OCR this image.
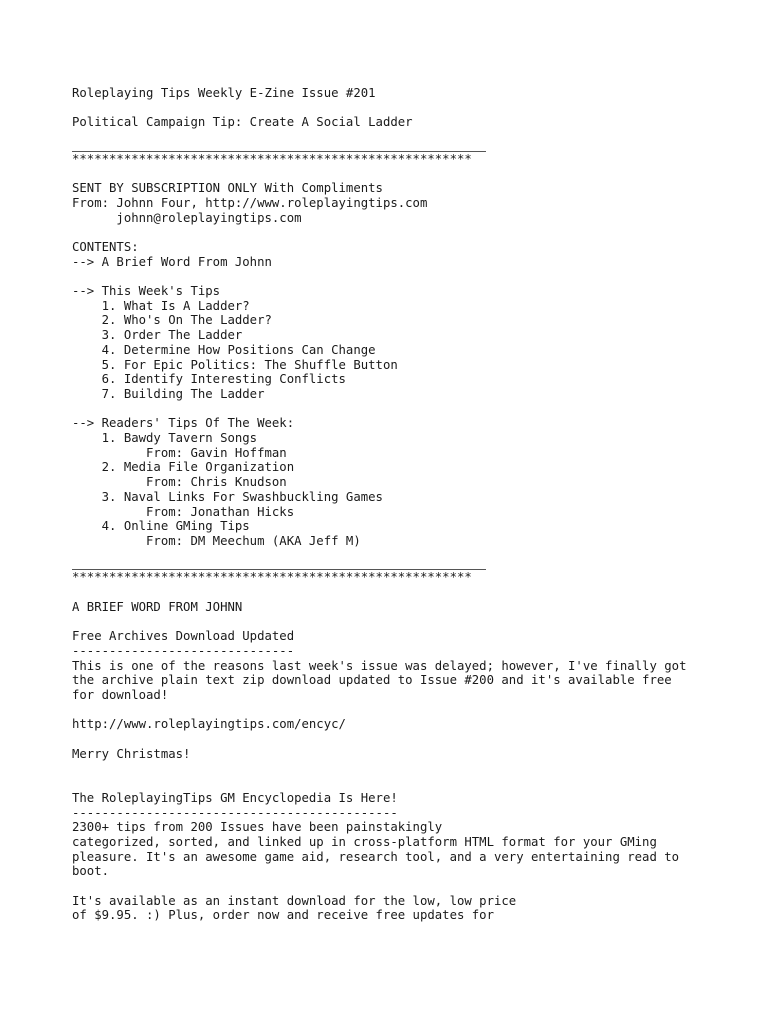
Roleplaying Tips Weekly E-Zine Issue #201

Political Campaign Tip: Create A Social Ladder

******************************************************

SENT BY SUBSCRIPTION ONLY With Compliments

From: Johnn Four, http://www.roleplayingtips.com

johnn@roleplayingtips.com

CONTENTS:

--> A Brief Word From Johnn

--> This Week's Tips

1. What Is A Ladder?

2. Who's On The Ladder?

3. Order The Ladder

4. Determine How Positions Can Change

5. For Epic Politics: The Shuffle Button

6. Identify Interesting Conflicts

7. Building The Ladder

--> Readers' Tips Of The Week:

1. Bawdy Tavern Songs

From: Gavin Hoffman

2. Media File Organization

From: Chris Knudson

3. Naval Links For Swashbuckling Games

From: Jonathan Hicks

4. Online GMing Tips

From: DM Meechum (AKA Jeff M)

******************************************************

A BRIEF WORD FROM JOHNN

Free Archives Download Updated

------------------------------

This is one of the reasons last week's issue was delayed; however, I've finally got

the archive plain text zip download updated to Issue #200 and it's available free

for download!

http://www.roleplayingtips.com/encyc/

Merry Christmas!

The RoleplayingTips GM Encyclopedia Is Here!

--------------------------------------------

2300+ tips from 200 Issues have been painstakingly

categorized, sorted, and linked up in cross-platform HTML format for your GMing

pleasure. It's an awesome game aid, research tool, and a very entertaining read to

boot.

It's available as an instant download for the low, low price

of $9.95. :) Plus, order now and receive free updates for
